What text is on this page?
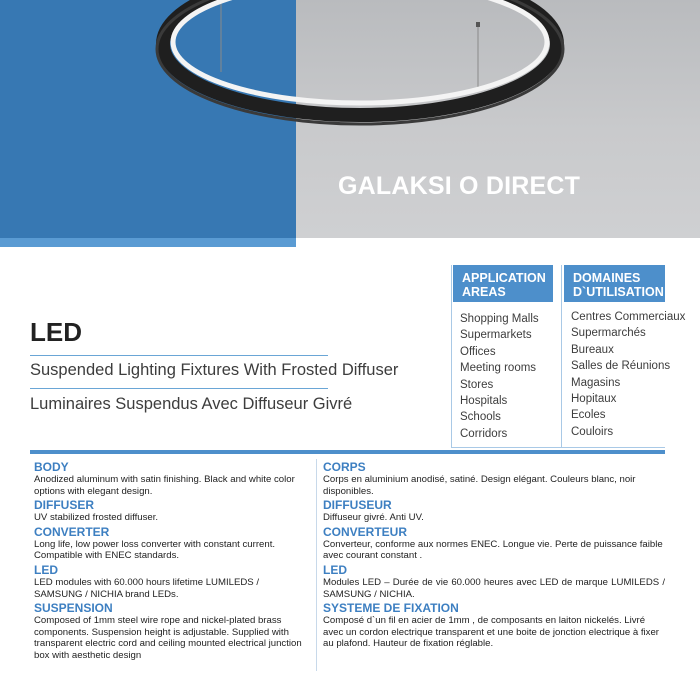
GALAKSI O DIRECT
LED
Suspended Lighting Fixtures With Frosted Diffuser
Luminaires Suspendus Avec Diffuseur Givré
APPLICATION
AREAS
Shopping Malls
Supermarkets
Offices
Meeting rooms
Stores
Hospitals
Schools
Corridors
DOMAINES
D`UTILISATION
Centres Commerciaux
Supermarchés
Bureaux
Salles de Réunions
Magasins
Hopitaux
Ecoles
Couloirs
BODY
Anodized aluminum with satin finishing. Black and white color options with elegant design.
DIFFUSER
UV stabilized frosted diffuser.
CONVERTER
Long life, low power loss converter with constant current. Compatible with ENEC standards.
LED
LED modules with 60.000 hours lifetime LUMILEDS / SAMSUNG / NICHIA brand LEDs.
SUSPENSION
Composed of 1mm steel wire rope and nickel-plated brass components. Suspension height is adjustable. Supplied with transparent electric cord and ceiling mounted electrical junction box with aesthetic design
CORPS
Corps en aluminium anodisé, satiné. Design elégant. Couleurs blanc, noir disponibles.
DIFFUSEUR
Diffuseur givré. Anti UV.
CONVERTEUR
Converteur, conforme aux normes ENEC. Longue vie. Perte de puissance faible avec courant constant .
LED
Modules LED – Durée de vie 60.000 heures avec LED de marque LUMILEDS / SAMSUNG / NICHIA.
SYSTEME DE FIXATION
Composé d`un fil en acier de 1mm , de composants en laiton nickelés. Livré avec un cordon electrique transparent et une boite de jonction electrique à fixer au plafond. Hauteur de fixation réglable.
